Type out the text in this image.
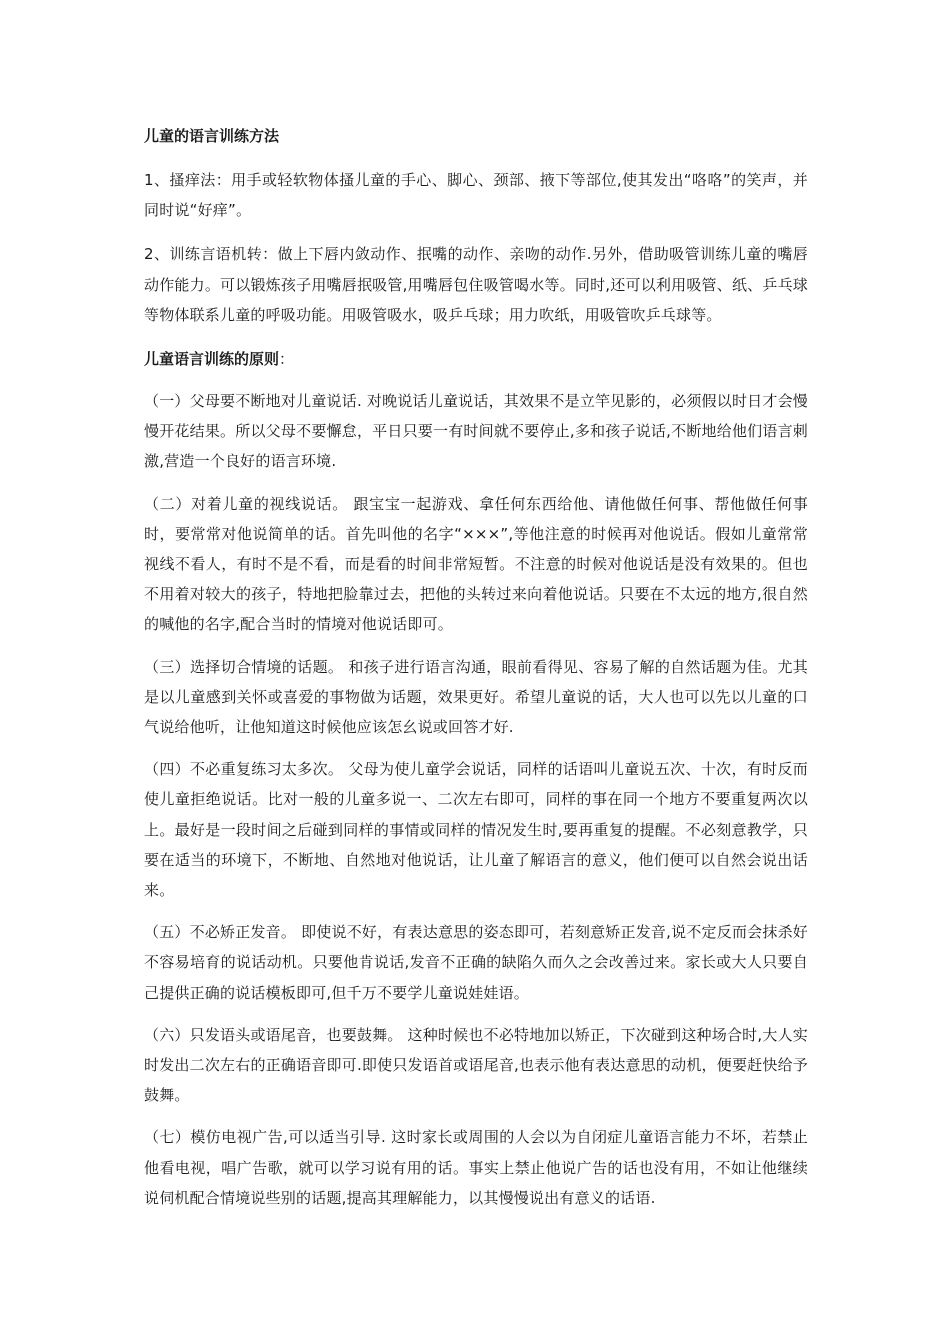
儿童的语言训练方法

1、搔痒法：用手或轻软物体搔儿童的手心、脚心、颈部、掖下等部位,使其发出“咯咯”的笑声，并同时说“好痒”。

2、训练言语机转：做上下唇内敛动作、抿嘴的动作、亲吻的动作.另外，借助吸管训练儿童的嘴唇动作能力。可以锻炼孩子用嘴唇抿吸管,用嘴唇包住吸管喝水等。同时,还可以利用吸管、纸、乒乓球等物体联系儿童的呼吸功能。用吸管吸水，吸乒乓球；用力吹纸，用吸管吹乒乓球等。

儿童语言训练的原则：

（一）父母要不断地对儿童说话. 对晚说话儿童说话，其效果不是立竿见影的，必须假以时日才会慢慢开花结果。所以父母不要懈怠，平日只要一有时间就不要停止,多和孩子说话,不断地给他们语言刺激,营造一个良好的语言环境.

（二）对着儿童的视线说话。 跟宝宝一起游戏、拿任何东西给他、请他做任何事、帮他做任何事时，要常常对他说简单的话。首先叫他的名字“×××”,等他注意的时候再对他说话。假如儿童常常视线不看人，有时不是不看，而是看的时间非常短暂。不注意的时候对他说话是没有效果的。但也不用着对较大的孩子，特地把脸靠过去，把他的头转过来向着他说话。只要在不太远的地方,很自然的喊他的名字,配合当时的情境对他说话即可。

（三）选择切合情境的话题。 和孩子进行语言沟通，眼前看得见、容易了解的自然话题为佳。尤其是以儿童感到关怀或喜爱的事物做为话题，效果更好。希望儿童说的话，大人也可以先以儿童的口气说给他听，让他知道这时候他应该怎幺说或回答才好.

（四）不必重复练习太多次。 父母为使儿童学会说话，同样的话语叫儿童说五次、十次，有时反而使儿童拒绝说话。比对一般的儿童多说一、二次左右即可，同样的事在同一个地方不要重复两次以上。最好是一段时间之后碰到同样的事情或同样的情况发生时,要再重复的提醒。不必刻意教学，只要在适当的环境下，不断地、自然地对他说话，让儿童了解语言的意义，他们便可以自然会说出话来。

（五）不必矫正发音。 即使说不好，有表达意思的姿态即可，若刻意矫正发音,说不定反而会抹杀好不容易培育的说话动机。只要他肯说话,发音不正确的缺陷久而久之会改善过来。家长或大人只要自己提供正确的说话模板即可,但千万不要学儿童说娃娃语。

（六）只发语头或语尾音，也要鼓舞。 这种时候也不必特地加以矫正，下次碰到这种场合时,大人实时发出二次左右的正确语音即可.即使只发语首或语尾音,也表示他有表达意思的动机，便要赶快给予鼓舞。

（七）模仿电视广告,可以适当引导. 这时家长或周围的人会以为自闭症儿童语言能力不坏，若禁止他看电视，唱广告歌，就可以学习说有用的话。事实上禁止他说广告的话也没有用，不如让他继续说伺机配合情境说些别的话题,提高其理解能力，以其慢慢说出有意义的话语.
